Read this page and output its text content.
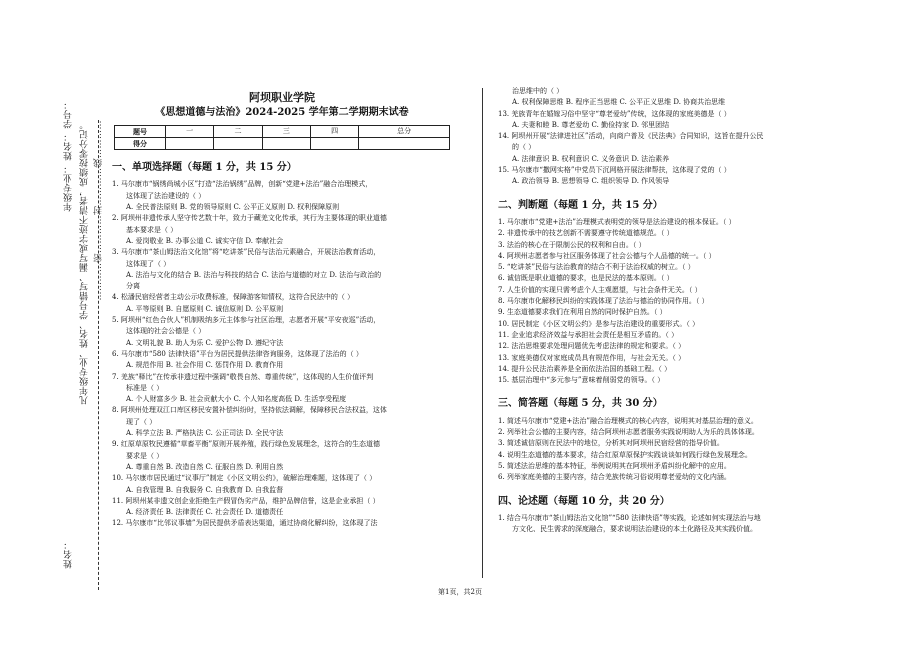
姓名：
年级专业： 姓名： 学号： 凡年级专业、姓名、学号错写、漏写或字迹不清者，成绩按零分记。 …………密…………封…………线…………
阿坝职业学院
《思想道德与法治》2024-2025 学年第二学期期末试卷
题号	一	二	三	四	总分
得分					
一、单项选择题（每题 1 分，共 15 分）
1. 马尔康市“锅绣尚城小区”打造“法治锅绣”品牌，创新“党建+法治”融合治理模式，
这体现了法治建设的（ ）
A. 全民普法原则 B. 党的领导原则 C. 公平正义原则 D. 权利保障原则
2. 阿坝州非遗传承人坚守传艺数十年，致力于藏羌文化传承，其行为主要体现的职业道德
基本要求是（ ）
A. 爱岗敬业 B. 办事公道 C. 诚实守信 D. 奉献社会
3. 马尔康市“茶山姆法治文化馆”将“吃讲茶”民俗与法治元素融合，开展法治教育活动，
这体现了（ ）
A. 法治与文化的结合 B. 法治与科技的结合 C. 法治与道德的对立 D. 法治与政治的
分离
4. 松潘民宿经营者主动公示收费标准，保障游客知情权，这符合民法中的（ ）
A. 平等原则 B. 自愿原则 C. 诚信原则 D. 公平原则
5. 阿坝州“红色合伙人”机制吸纳多元主体参与社区治理，志愿者开展“平安夜巡”活动，
这体现的社会公德是（ ）
A. 文明礼貌 B. 助人为乐 C. 爱护公物 D. 遵纪守法
6. 马尔康市“580 法律快语”平台为居民提供法律咨询服务，这体现了法治的（ ）
A. 规范作用 B. 社会作用 C. 惩罚作用 D. 教育作用
7. 羌族“释比”在传承非遗过程中强调“敬畏自然、尊重传统”，这体现的人生价值评判
标准是（ ）
A. 个人财富多少 B. 社会贡献大小 C. 个人知名度高低 D. 生活享受程度
8. 阿坝州处理双江口库区移民安置补偿纠纷时，坚持依法调解，保障移民合法权益，这体
现了（ ）
A. 科学立法 B. 严格执法 C. 公正司法 D. 全民守法
9. 红原草原牧民遵循“草畜平衡”原则开展养殖，践行绿色发展理念，这符合的生态道德
要求是（ ）
A. 尊重自然 B. 改造自然 C. 征服自然 D. 利用自然
10. 马尔康市居民通过“议事厅”制定《小区文明公约》，破解治理难题，这体现了（ ）
A. 自我管理 B. 自我服务 C. 自我教育 D. 自我监督
11. 阿坝州某非遗文创企业拒绝生产假冒伪劣产品，维护品牌信誉，这是企业承担（ ）
A. 经济责任 B. 法律责任 C. 社会责任 D. 道德责任
12. 马尔康市“比邻议事墙”为居民提供矛盾表达渠道，通过协商化解纠纷，这体现了法
治思维中的（ ）
A. 权利保障思维 B. 程序正当思维 C. 公平正义思维 D. 协商共治思维
13. 羌族青年在婚嫁习俗中坚守“尊老爱幼”传统，这体现的家庭美德是（ ）
A. 夫妻和睦 B. 尊老爱幼 C. 勤俭持家 D. 邻里团结
14. 阿坝州开展“法律进社区”活动，向商户普及《民法典》合同知识，这旨在提升公民
的（ ）
A. 法律意识 B. 权利意识 C. 义务意识 D. 法治素养
15. 马尔康市“撒网实格”中党员下沉网格开展法律帮扶，这体现了党的（ ）
A. 政治领导 B. 思想领导 C. 组织领导 D. 作风领导
二、判断题（每题 1 分，共 15 分）
1. 马尔康市“党建+法治”治理模式表明党的领导是法治建设的根本保证。（ ）
2. 非遗传承中的技艺创新不需要遵守传统道德规范。（ ）
3. 法治的核心在于限制公民的权利和自由。（ ）
4. 阿坝州志愿者参与社区服务体现了社会公德与个人品德的统一。（ ）
5. “吃讲茶”民俗与法治教育的结合不利于法治权威的树立。（ ）
6. 诚信既是职业道德的要求，也是民法的基本原则。（ ）
7. 人生价值的实现只需考虑个人主观愿望，与社会条件无关。（ ）
8. 马尔康市化解移民纠纷的实践体现了法治与德治的协同作用。（ ）
9. 生态道德要求我们在利用自然的同时保护自然。（ ）
10. 居民制定《小区文明公约》是参与法治建设的重要形式。（ ）
11. 企业追求经济效益与承担社会责任是相互矛盾的。（ ）
12. 法治思维要求处理问题优先考虑法律的规定和要求。（ ）
13. 家庭美德仅对家庭成员具有规范作用，与社会无关。（ ）
14. 提升公民法治素养是全面依法治国的基础工程。（ ）
15. 基层治理中“多元参与”意味着削弱党的领导。（ ）
三、简答题（每题 5 分，共 30 分）
1. 简述马尔康市“党建+法治”融合治理模式的核心内容，说明其对基层治理的意义。
2. 列举社会公德的主要内容，结合阿坝州志愿者服务实践说明助人为乐的具体体现。
3. 简述诚信原则在民法中的地位，分析其对阿坝州民宿经营的指导价值。
4. 说明生态道德的基本要求，结合红原草原保护实践谈谈如何践行绿色发展理念。
5. 简述法治思维的基本特征，举例说明其在阿坝州矛盾纠纷化解中的应用。
6. 列举家庭美德的主要内容，结合羌族传统习俗说明尊老爱幼的文化内涵。
四、论述题（每题 10 分，共 20 分）
1. 结合马尔康市“茶山姆法治文化馆”“580 法律快语”等实践，论述如何实现法治与地
方文化、民生需求的深度融合，要求说明法治建设的本土化路径及其实践价值。
第1页，共2页
